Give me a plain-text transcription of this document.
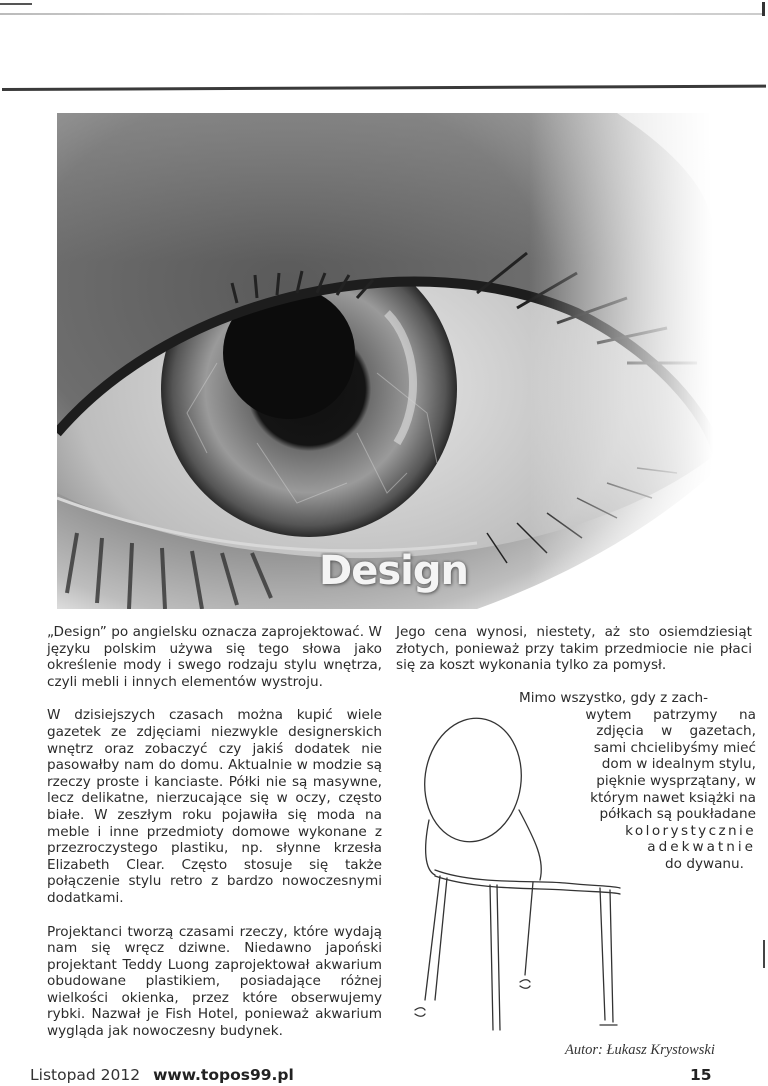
Design

„Design” po angielsku oznacza zaprojektować. W języku polskim używa się tego słowa jako określenie mody i swego rodzaju stylu wnętrza, czyli mebli i innych elementów wystroju.

W dzisiejszych czasach można kupić wiele gazetek ze zdjęciami niezwykle designerskich wnętrz oraz zobaczyć czy jakiś dodatek nie pasowałby nam do domu. Aktualnie w modzie są rzeczy proste i kanciaste. Półki nie są masywne, lecz delikatne, nierzucające się w oczy, często białe. W zeszłym roku pojawiła się moda na meble i inne przedmioty domowe wykonane z przezroczystego plastiku, np. słynne krzesła Elizabeth Clear. Często stosuje się także połączenie stylu retro z bardzo nowoczesnymi dodatkami.

Projektanci tworzą czasami rzeczy, które wydają nam się wręcz dziwne. Niedawno japoński projektant Teddy Luong zaprojektował akwarium obudowane plastikiem, posiadające różnej wielkości okienka, przez które obserwujemy rybki. Nazwał je Fish Hotel, ponieważ akwarium wygląda jak nowoczesny budynek.

Jego cena wynosi, niestety, aż sto osiemdziesiąt złotych, ponieważ przy takim przedmiocie nie płaci się za koszt wykonania tylko za pomysł.

Mimo wszystko, gdy z zach-
wytem     patrzymy     na
zdjęcia    w    gazetach,
sami chcielibyśmy mieć
dom w idealnym stylu,
pięknie wysprzątany, w
którym nawet książki na
półkach są poukładane
kolorystycznie
adekwatnie
do dywanu.
Autor: Łukasz Krystowski
Listopad 2012 www.topos99.pl	15
